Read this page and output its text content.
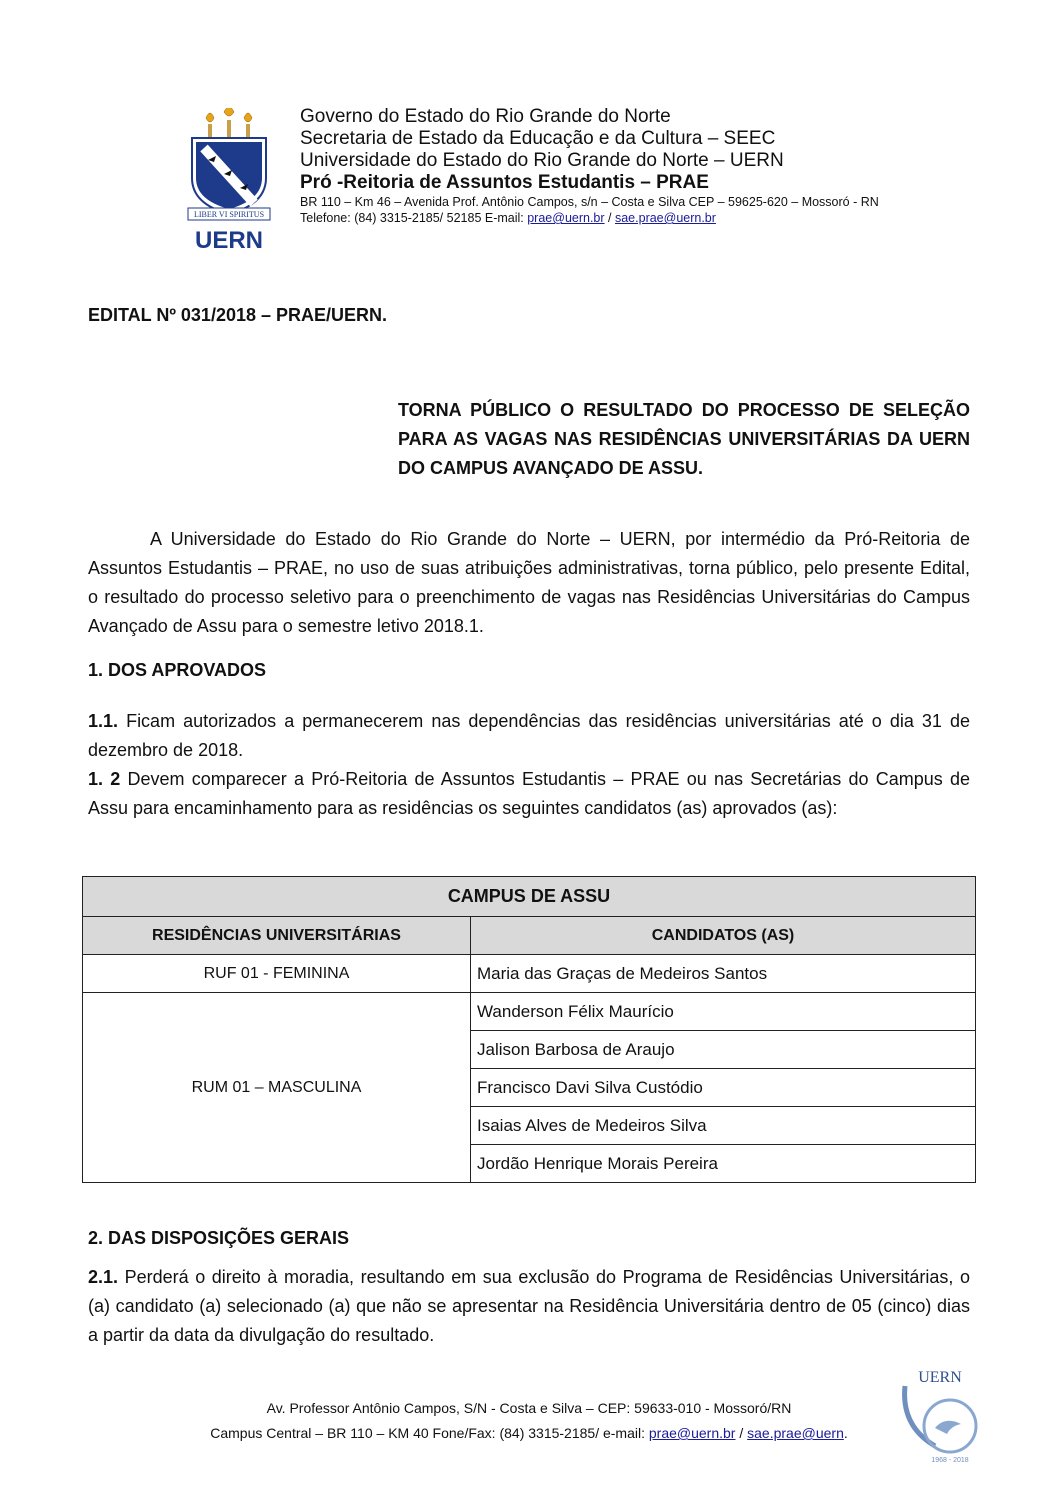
LIBER VI SPIRITUS
UERN
Governo do Estado do Rio Grande do Norte
Secretaria de Estado da Educação e da Cultura – SEEC
Universidade do Estado do Rio Grande do Norte – UERN
Pró -Reitoria de Assuntos Estudantis – PRAE
BR 110 – Km 46 – Avenida Prof. Antônio Campos, s/n – Costa e Silva CEP – 59625-620 – Mossoró - RN
Telefone: (84) 3315-2185/ 52185 E-mail: prae@uern.br / sae.prae@uern.br
EDITAL Nº 031/2018 – PRAE/UERN.
TORNA PÚBLICO O RESULTADO DO PROCESSO DE SELEÇÃO PARA AS VAGAS NAS RESIDÊNCIAS UNIVERSITÁRIAS DA UERN DO CAMPUS AVANÇADO DE ASSU.
A Universidade do Estado do Rio Grande do Norte – UERN, por intermédio da Pró-Reitoria de Assuntos Estudantis – PRAE, no uso de suas atribuições administrativas, torna público, pelo presente Edital, o resultado do processo seletivo para o preenchimento de vagas nas Residências Universitárias do Campus Avançado de Assu para o semestre letivo 2018.1.
1. DOS APROVADOS
1.1. Ficam autorizados a permanecerem nas dependências das residências universitárias até o dia 31 de dezembro de 2018.
1. 2 Devem comparecer a Pró-Reitoria de Assuntos Estudantis – PRAE ou nas Secretárias do Campus de Assu para encaminhamento para as residências os seguintes candidatos (as) aprovados (as):
CAMPUS DE ASSU	
RESIDÊNCIAS UNIVERSITÁRIAS	CANDIDATOS (AS)
RUF 01 - FEMININA	Maria das Graças de Medeiros Santos
RUM 01 – MASCULINA	Wanderson Félix Maurício
	Jalison Barbosa de Araujo
	Francisco Davi Silva Custódio
	Isaias Alves de Medeiros Silva
	Jordão Henrique Morais Pereira
2. DAS DISPOSIÇÕES GERAIS
2.1. Perderá o direito à moradia, resultando em sua exclusão do Programa de Residências Universitárias, o (a) candidato (a) selecionado (a) que não se apresentar na Residência Universitária dentro de 05 (cinco) dias a partir da data da divulgação do resultado.
Av. Professor Antônio Campos, S/N - Costa e Silva – CEP: 59633-010 - Mossoró/RN
Campus Central – BR 110 – KM 40 Fone/Fax: (84) 3315-2185/ e-mail: prae@uern.br / sae.prae@uern.
UERN
1968 - 2018
